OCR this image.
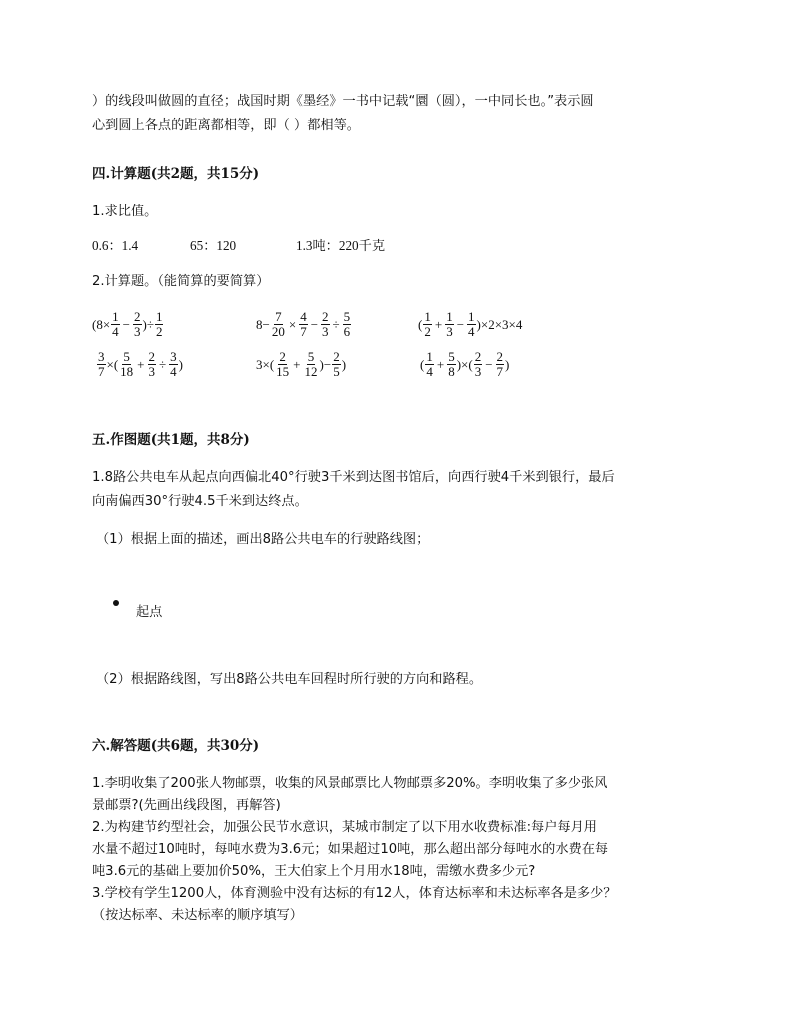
）的线段叫做圆的直径；战国时期《墨经》一书中记载“圜（圆），一中同长也。”表示圆
心到圆上各点的距离都相等，即（ ）都相等。
四.计算题(共2题，共15分)
1.求比值。
0.6：1.4	65：120	1.3吨：220千克
2.计算题。（能简算的要简算）
($8\times \frac{1}{4} - \frac{2}{3}$ )÷ $\frac{1}{2}$	$8- \frac{7}{20} \times \frac{4}{7} - \frac{2}{3} \div \frac{5}{6}$	( $\frac{1}{2} + \frac{1}{3} - \frac{1}{4} )\times 2\times 3\times 4$
$\frac{3}{7}$ ×( $\frac{5}{18} + \frac{2}{3} \div \frac{3}{4}$ )	$3\times( \frac{2}{15} + \frac{5}{12}$ )− $\frac{2}{5}$ )	( $\frac{1}{4} + \frac{5}{8}$ )×( $\frac{2}{3} - \frac{2}{7}$ )
五.作图题(共1题，共8分)
1.8路公共电车从起点向西偏北40°行驶3千米到达图书馆后，向西行驶4千米到银行，最后
向南偏西30°行驶4.5千米到达终点。
（1）根据上面的描述，画出8路公共电车的行驶路线图；
起点
（2）根据路线图，写出8路公共电车回程时所行驶的方向和路程。
六.解答题(共6题，共30分)
1.李明收集了200张人物邮票，收集的风景邮票比人物邮票多20%。李明收集了多少张风
景邮票?(先画出线段图，再解答)
2.为构建节约型社会，加强公民节水意识，某城市制定了以下用水收费标准:每户每月用
水量不超过10吨时，每吨水费为3.6元；如果超过10吨，那么超出部分每吨水的水费在每
吨3.6元的基础上要加价50%，王大伯家上个月用水18吨，需缴水费多少元?
3.学校有学生1200人，体育测验中没有达标的有12人，体育达标率和未达标率各是多少？
（按达标率、未达标率的顺序填写）
